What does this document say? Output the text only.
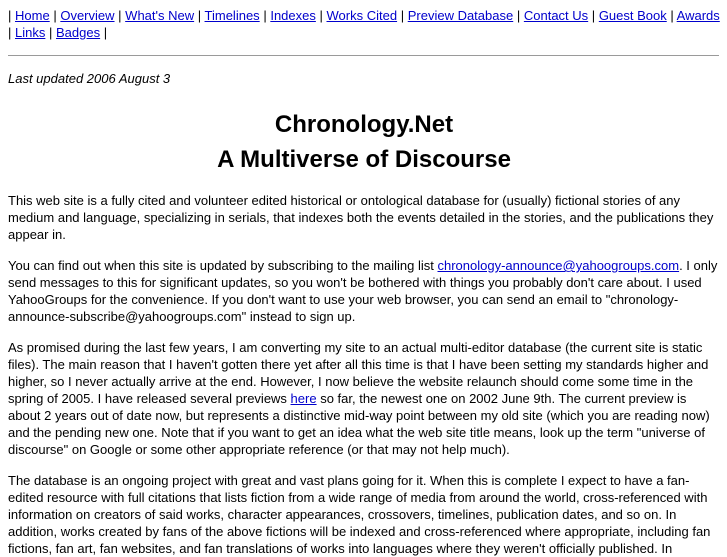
| Home | Overview | What's New | Timelines | Indexes | Works Cited | Preview Database | Contact Us | Guest Book | Awards | Links | Badges |
Last updated 2006 August 3
Chronology.Net
A Multiverse of Discourse

This web site is a fully cited and volunteer edited historical or ontological database for (usually) fictional stories of any medium and language, specializing in serials, that indexes both the events detailed in the stories, and the publications they appear in.

You can find out when this site is updated by subscribing to the mailing list chronology-announce@yahoogroups.com. I only send messages to this for significant updates, so you won't be bothered with things you probably don't care about. I used YahooGroups for the convenience. If you don't want to use your web browser, you can send an email to "chronology-announce-subscribe@yahoogroups.com" instead to sign up.

As promised during the last few years, I am converting my site to an actual multi-editor database (the current site is static files). The main reason that I haven't gotten there yet after all this time is that I have been setting my standards higher and higher, so I never actually arrive at the end. However, I now believe the website relaunch should come some time in the spring of 2005. I have released several previews here so far, the newest one on 2002 June 9th. The current preview is about 2 years out of date now, but represents a distinctive mid-way point between my old site (which you are reading now) and the pending new one. Note that if you want to get an idea what the web site title means, look up the term "universe of discourse" on Google or some other appropriate reference (or that may not help much).

The database is an ongoing project with great and vast plans going for it. When this is complete I expect to have a fan-edited resource with full citations that lists fiction from a wide range of media from around the world, cross-referenced with information on creators of said works, character appearances, crossovers, timelines, publication dates, and so on. In addition, works created by fans of the above fictions will be indexed and cross-referenced where appropriate, including fan fictions, fan art, fan websites, and fan translations of works into languages where they weren't officially published. In
